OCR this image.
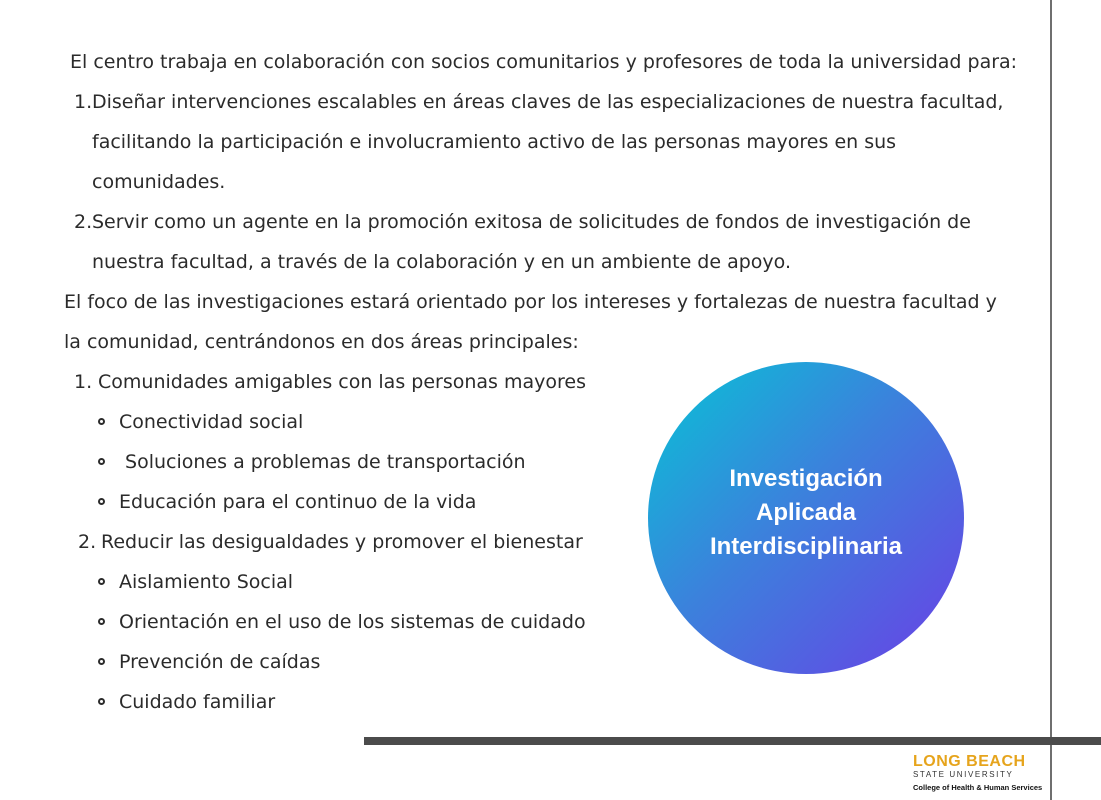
El centro trabaja en colaboración con socios comunitarios y profesores de toda la universidad para:
1. Diseñar intervenciones escalables en áreas claves de las especializaciones de nuestra facultad,
facilitando la participación e involucramiento activo de las personas mayores en sus
comunidades.
2. Servir como un agente en la promoción exitosa de solicitudes de fondos de investigación de
nuestra facultad, a través de la colaboración y en un ambiente de apoyo.
El foco de las investigaciones estará orientado por los intereses y fortalezas de nuestra facultad y
la comunidad, centrándonos en dos áreas principales:
1. Comunidades amigables con las personas mayores
Conectividad social
Soluciones a problemas de transportación
Educación para el continuo de la vida
2. Reducir las desigualdades y promover el bienestar
Aislamiento Social
Orientación en el uso de los sistemas de cuidado
Prevención de caídas
Cuidado familiar
Investigación
Aplicada
Interdisciplinaria
LONG BEACH
STATE UNIVERSITY
College of Health & Human Services
